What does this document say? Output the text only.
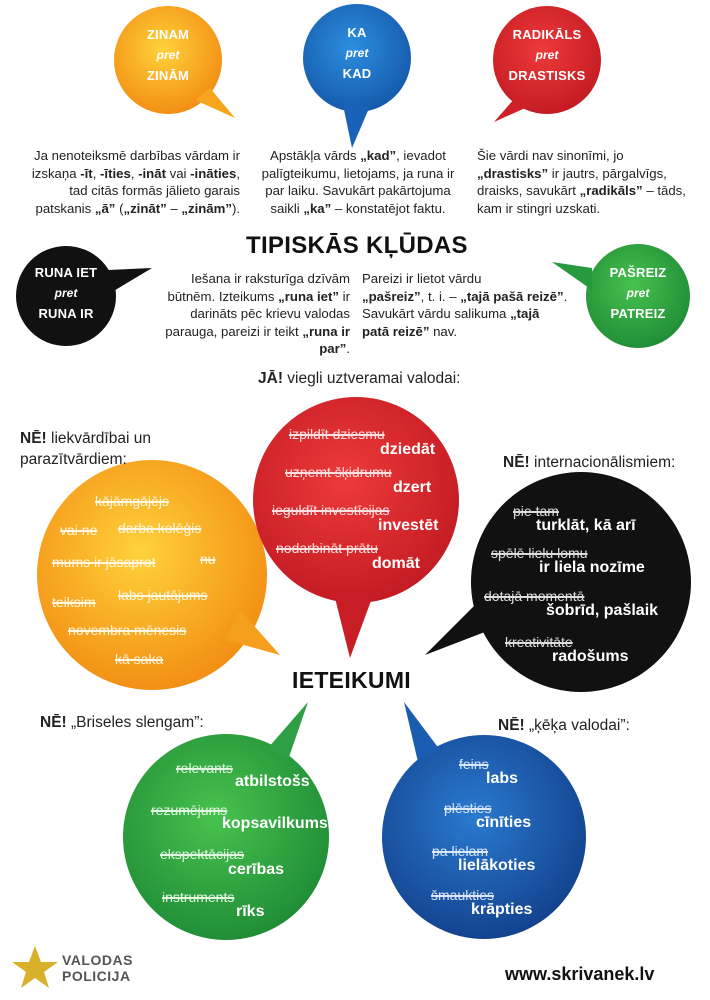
ZINAM
pret
ZINĀM
KA
pret
KAD
RADIKĀLS
pret
DRASTISKS
Ja nenoteiksmē darbības vārdam ir
izskaņa -īt, -īties, -ināt vai -ināties,
tad citās formās jālieto garais
patskanis „ā” („zināt” – „zinām”).
Apstākļa vārds „kad”, ievadot
palīgteikumu, lietojams, ja runa ir
par laiku. Savukārt pakārtojuma
saikli „ka” – konstatējot faktu.
Šie vārdi nav sinonīmi, jo
„drastisks” ir jautrs, pārgalvīgs,
draisks, savukārt „radikāls” – tāds,
kam ir stingri uzskati.
TIPISKĀS KĻŪDAS
RUNA IET
pret
RUNA IR
PAŠREIZ
pret
PATREIZ
Iešana ir raksturīga dzīvām
būtnēm. Izteikums „runa iet” ir
darināts pēc krievu valodas
parauga, pareizi ir teikt „runa ir par”.
Pareizi ir lietot vārdu
„pašreiz”, t. i. – „tajā pašā reizē”.
Savukārt vārdu salikuma „tajā
patā reizē” nav.
JĀ! viegli uztveramai valodai:
NĒ! liekvārdībai un
parazītvārdiem:	NĒ! internacionālismiem:
NĒ! „Briseles slengam”:	NĒ! „ķēķa valodai”:
izpildīt dziesmu
dziedāt
uzņemt šķidrumu
dzert
ieguldīt investīcijas
investēt
nodarbināt prātu
domāt
kājāmgājējs
vai ne darba kolēģis
mums ir jāsaprot	nu
teiksim labs jautājums
novembra mēnesis
kā saka
pie tam
turklāt, kā arī
spēlē lielu lomu
ir liela nozīme
dotajā momentā
šobrīd, pašlaik
kreativitāte
radošums
IETEIKUMI
relevants
atbilstošs
rezumējums
kopsavilkums
ekspektācijas
cerības
instruments
rīks
feins
labs
plēsties
cīnīties
pa lielam
lielākoties
šmaukties
krāpties
VALODAS
POLICIJA	www.skrivanek.lv
